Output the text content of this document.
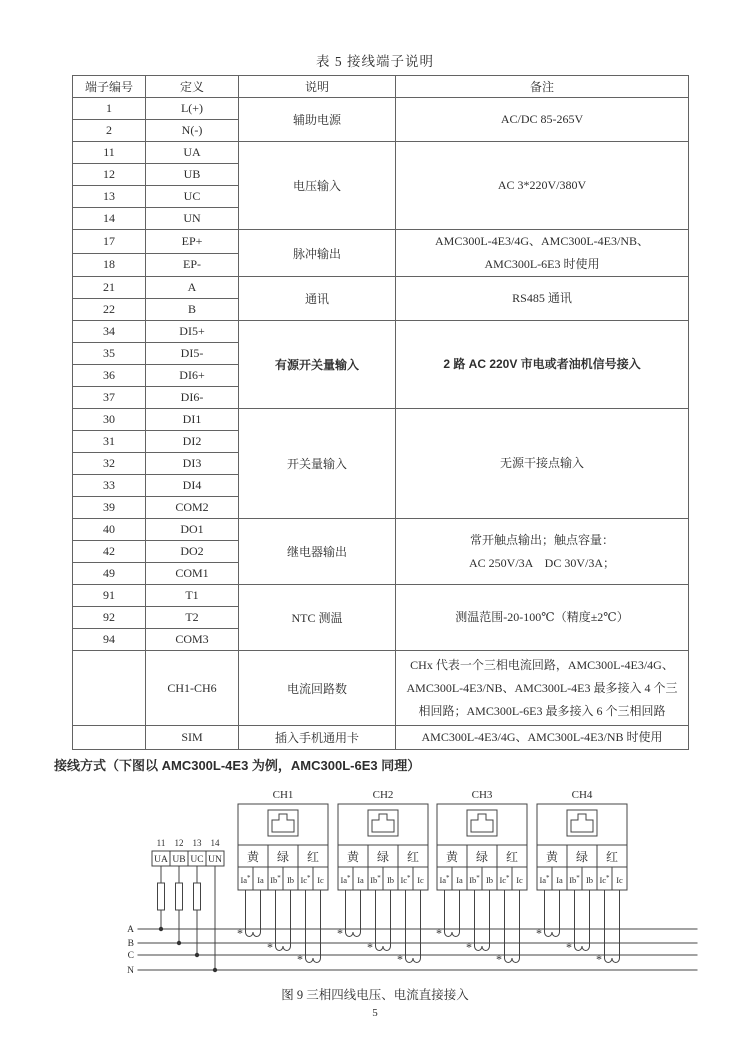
表 5 接线端子说明
端子编号	定义	说明	备注
1	L(+)	辅助电源	AC/DC 85-265V

2	N(-)		
11	UA	电压输入	AC 3*220V/380V

12	UB		
13	UC		
14	UN		
17	EP+	脉冲输出	AMC300L-4E3/4G、AMC300L-4E3/NB、
AMC300L-6E3 时使用

18	EP-		
21	A	通讯	RS485 通讯

22	B		
34	DI5+	有源开关量输入	2 路 AC 220V 市电或者油机信号接入

35	DI5-		
36	DI6+		
37	DI6-		
30	DI1	开关量输入	无源干接点输入

31	DI2		
32	DI3		
33	DI4		
39	COM2		
40	DO1	继电器输出	常开触点输出；触点容量：
AC 250V/3A    DC 30V/3A；

42	DO2		
49	COM1		
91	T1	NTC 测温	测温范围-20-100℃（精度±2℃）

92	T2		
94	COM3		
	CH1-CH6	电流回路数	CHx 代表一个三相电流回路，AMC300L-4E3/4G、
AMC300L-4E3/NB、AMC300L-4E3 最多接入 4 个三
相回路；AMC300L-6E3 最多接入 6 个三相回路

	SIM	插入手机通用卡	AMC300L-4E3/4G、AMC300L-4E3/NB 时使用
接线方式（下图以 AMC300L-4E3 为例，AMC300L-6E3 同理）
CH1	CH2	CH3	CH4
11 12 13 14
UA UB UC UN 黄 绿 红
Ia* Ia Ib* Ib Ic* Ic
黄 绿 红
Ia* Ia Ib* Ib Ic* Ic
黄 绿 红
Ia* Ia Ib* Ib Ic* Ic
黄 绿 红
Ia* Ia Ib* Ib Ic* Ic
A
B
C
N
*
*
*
*
*
*
*
*
*
*
*
*
图 9 三相四线电压、电流直接接入
5
